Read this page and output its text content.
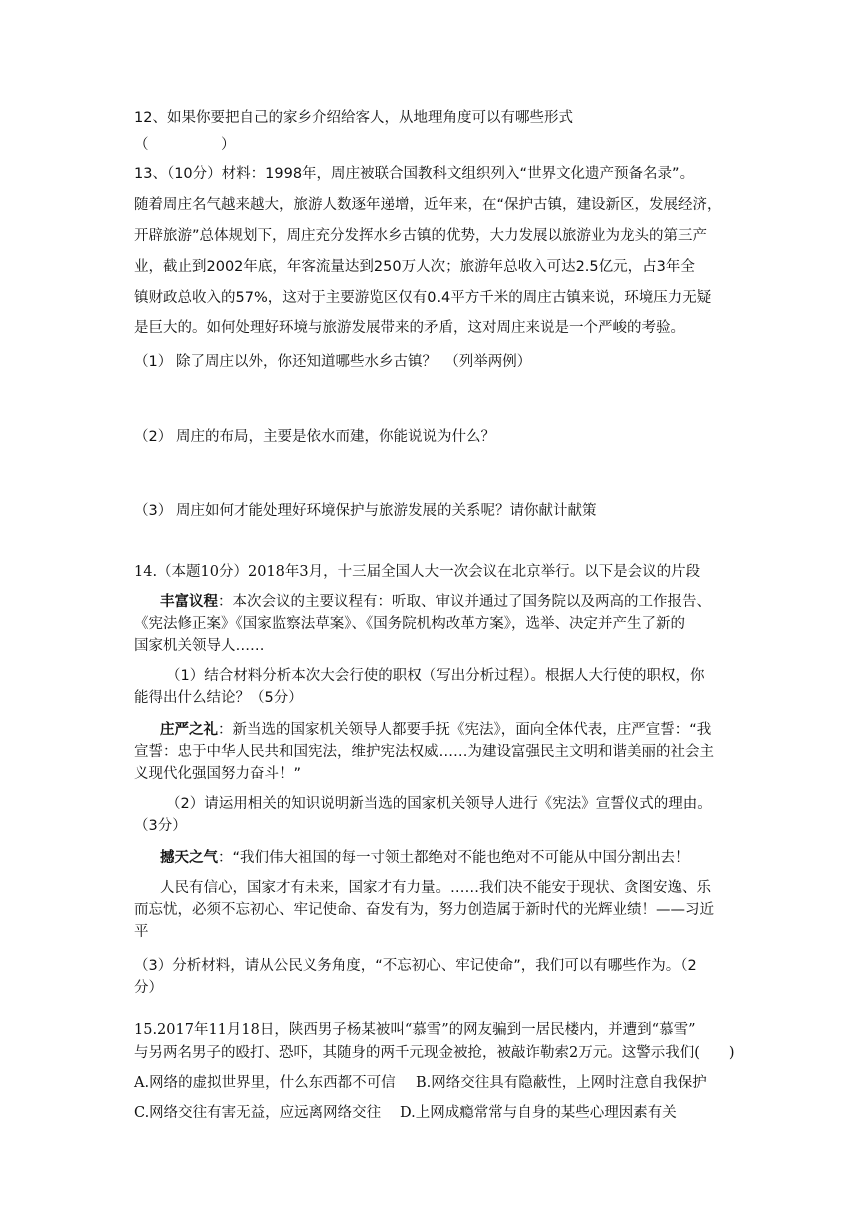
12、如果你要把自己的家乡介绍给客人，从地理角度可以有哪些形式
（　　　　　）
13、（10分）材料：1998年，周庄被联合国教科文组织列入“世界文化遗产预备名录”。
随着周庄名气越来越大，旅游人数逐年递增，近年来，在“保护古镇，建设新区，发展经济，
开辟旅游”总体规划下，周庄充分发挥水乡古镇的优势，大力发展以旅游业为龙头的第三产
业，截止到2002年底，年客流量达到250万人次；旅游年总收入可达2.5亿元，占3年全
镇财政总收入的57%，这对于主要游览区仅有0.4平方千米的周庄古镇来说，环境压力无疑
是巨大的。如何处理好环境与旅游发展带来的矛盾，这对周庄来说是一个严峻的考验。
（1） 除了周庄以外，你还知道哪些水乡古镇？　（列举两例）
（2） 周庄的布局，主要是依水而建，你能说说为什么？
（3） 周庄如何才能处理好环境保护与旅游发展的关系呢？请你献计献策
14.（本题10分）2018年3月，十三届全国人大一次会议在北京举行。以下是会议的片段
丰富议程：本次会议的主要议程有：听取、审议并通过了国务院以及两高的工作报告、
《宪法修正案》《国家监察法草案》、《国务院机构改革方案》，选举、决定并产生了新的
国家机关领导人……
（1）结合材料分析本次大会行使的职权（写出分析过程）。根据人大行使的职权，你
能得出什么结论？（5分）
庄严之礼：新当选的国家机关领导人都要手抚《宪法》，面向全体代表，庄严宣誓：“我
宣誓：忠于中华人民共和国宪法，维护宪法权威……为建设富强民主文明和谐美丽的社会主
义现代化强国努力奋斗！”
（2）请运用相关的知识说明新当选的国家机关领导人进行《宪法》宣誓仪式的理由。
（3分）
撼天之气：“我们伟大祖国的每一寸领土都绝对不能也绝对不可能从中国分割出去！
人民有信心，国家才有未来，国家才有力量。……我们决不能安于现状、贪图安逸、乐
而忘忧，必须不忘初心、牢记使命、奋发有为，努力创造属于新时代的光辉业绩！——习近
平
（3）分析材料，请从公民义务角度，“不忘初心、牢记使命”，我们可以有哪些作为。（2
分）
15.2017年11月18日，陕西男子杨某被叫“慕雪”的网友骗到一居民楼内，并遭到“慕雪”
与另两名男子的殴打、恐吓，其随身的两千元现金被抢，被敲诈勒索2万元。这警示我们(　　)
A.网络的虚拟世界里，什么东西都不可信 B.网络交往具有隐蔽性，上网时注意自我保护
C.网络交往有害无益，应远离网络交往 D.上网成瘾常常与自身的某些心理因素有关
